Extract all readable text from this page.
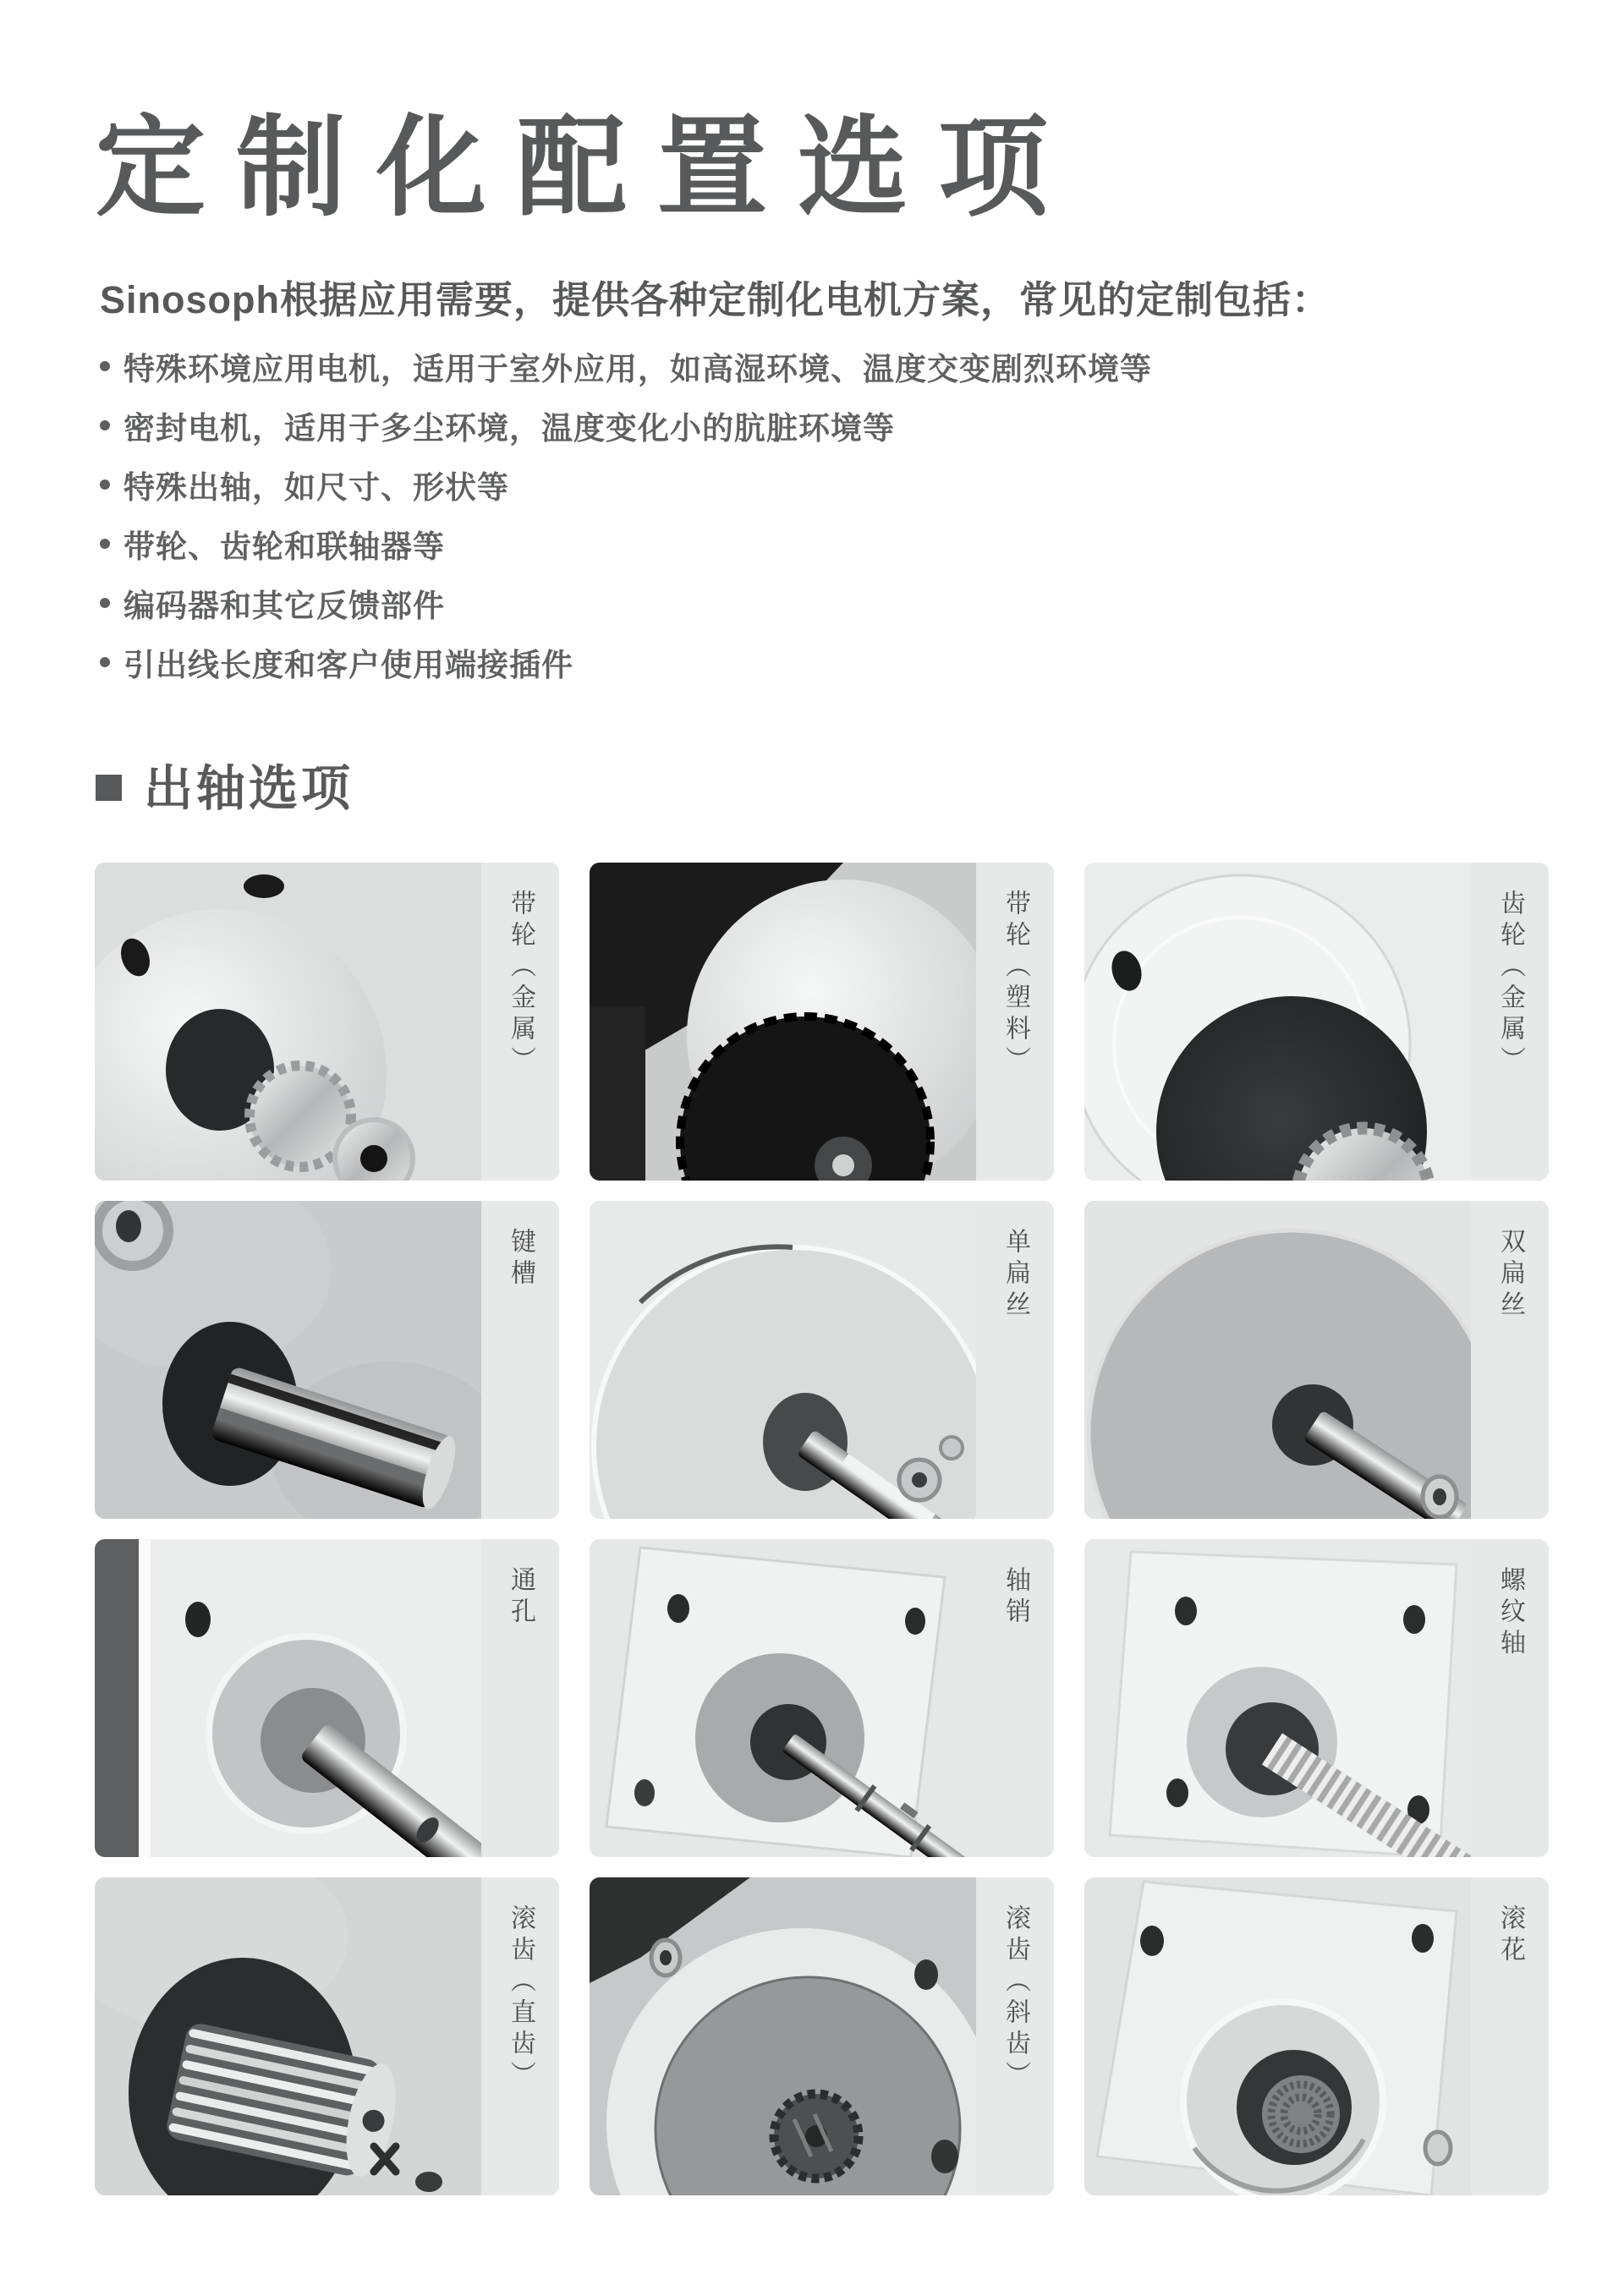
定制化配置选项
Sinosoph根据应用需要，提供各种定制化电机方案，常见的定制包括：
特殊环境应用电机，适用于室外应用，如高湿环境、温度交变剧烈环境等
密封电机，适用于多尘环境，温度变化小的肮脏环境等
特殊出轴，如尺寸、形状等
带轮、齿轮和联轴器等
编码器和其它反馈部件
引出线长度和客户使用端接插件
出轴选项
带轮（金属）	带轮（塑料）	齿轮（金属）
键槽	单扁丝	双扁丝
通孔	轴销	螺纹轴
滚齿（直齿）	滚齿（斜齿）	滚花
